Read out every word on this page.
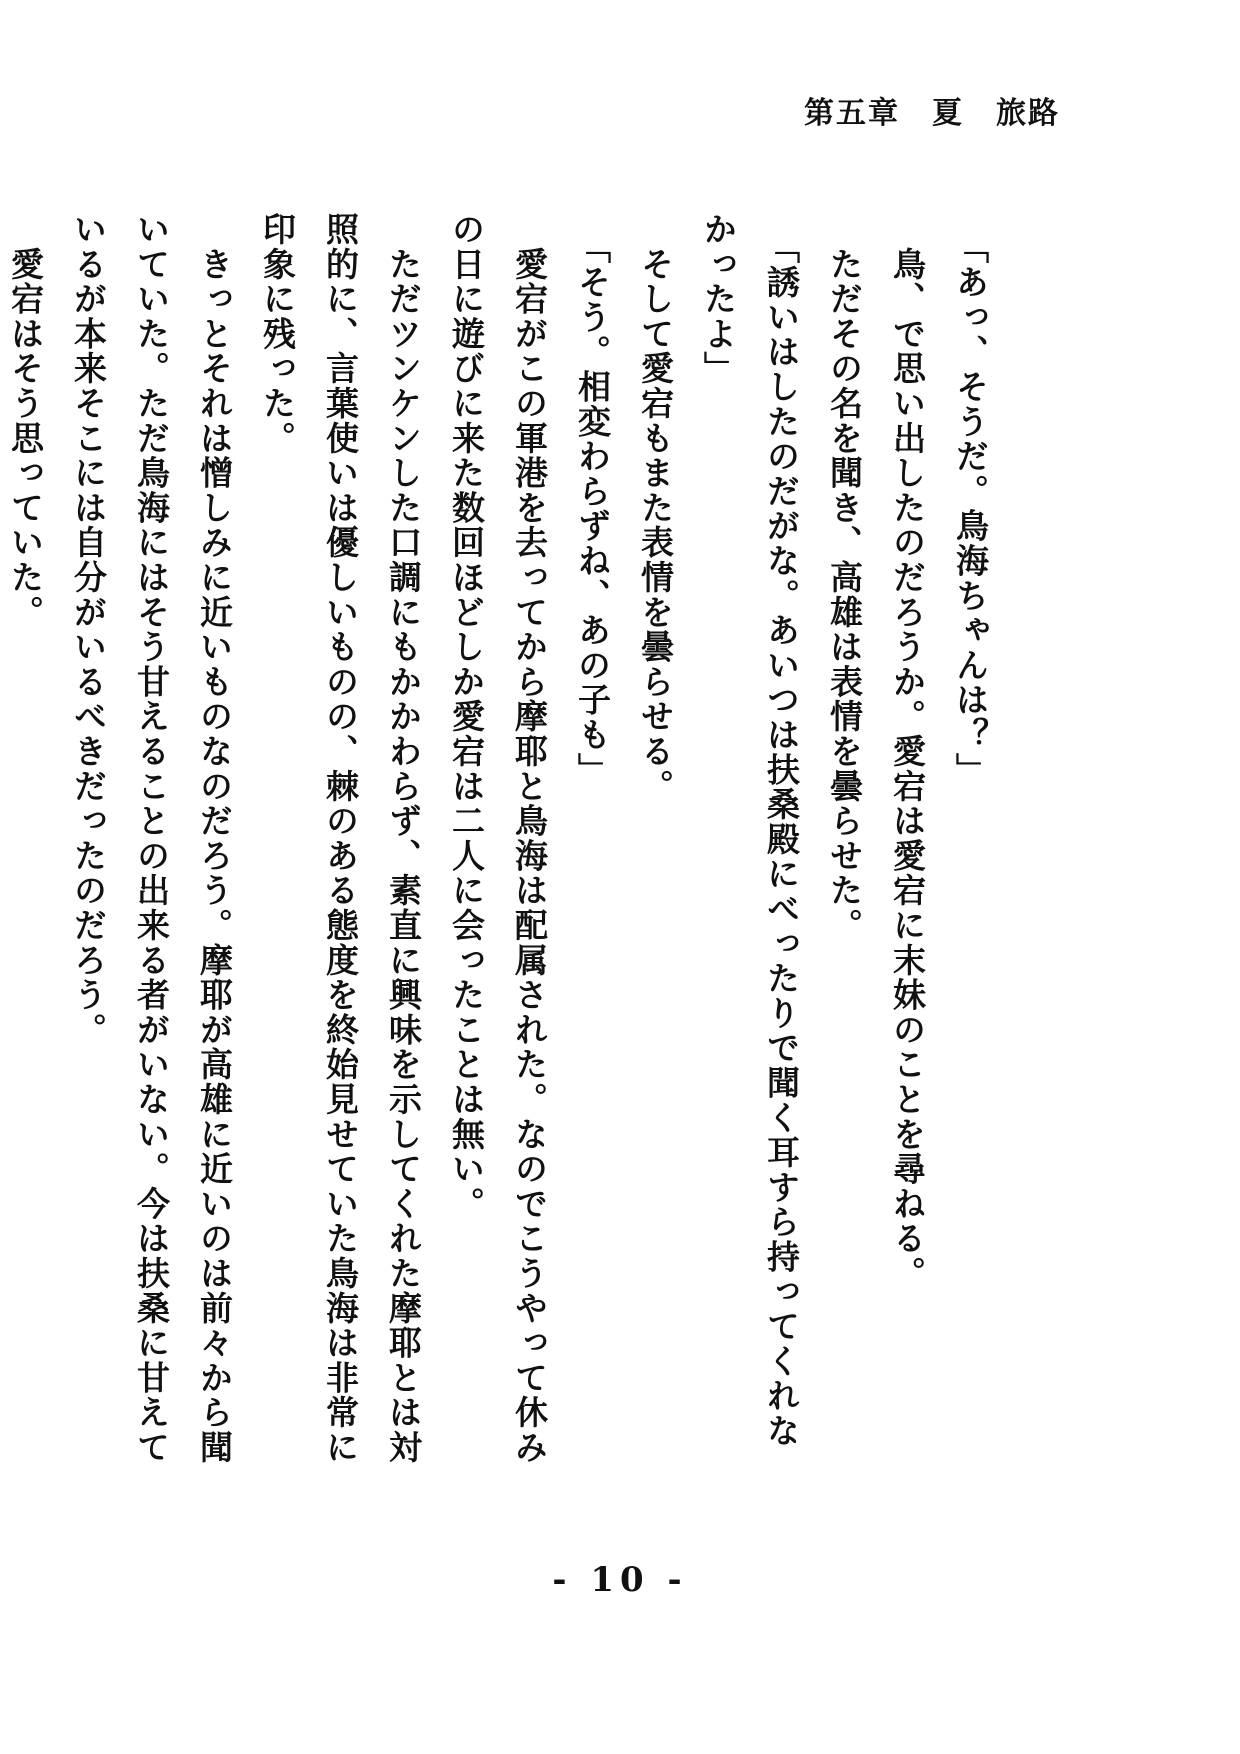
第五章　夏　旅路

　「あっ、そうだ。鳥海ちゃんは？」

　鳥、で思い出したのだろうか。愛宕は愛宕に末妹のことを尋ねる。

　ただその名を聞き、高雄は表情を曇らせた。

　「誘いはしたのだがな。あいつは扶桑殿にべったりで聞く耳すら持ってくれなかったよ」

　そして愛宕もまた表情を曇らせる。

　「そう。相変わらずね、あの子も」

　愛宕がこの軍港を去ってから摩耶と鳥海は配属された。なのでこうやって休みの日に遊びに来た数回ほどしか愛宕は二人に会ったことは無い。

　ただツンケンした口調にもかかわらず、素直に興味を示してくれた摩耶とは対照的に、言葉使いは優しいものの、棘のある態度を終始見せていた鳥海は非常に印象に残った。

　きっとそれは憎しみに近いものなのだろう。摩耶が高雄に近いのは前々から聞いていた。ただ鳥海にはそう甘えることの出来る者がいない。今は扶桑に甘えているが本来そこには自分がいるべきだったのだろう。

　愛宕はそう思っていた。

- 10 -
